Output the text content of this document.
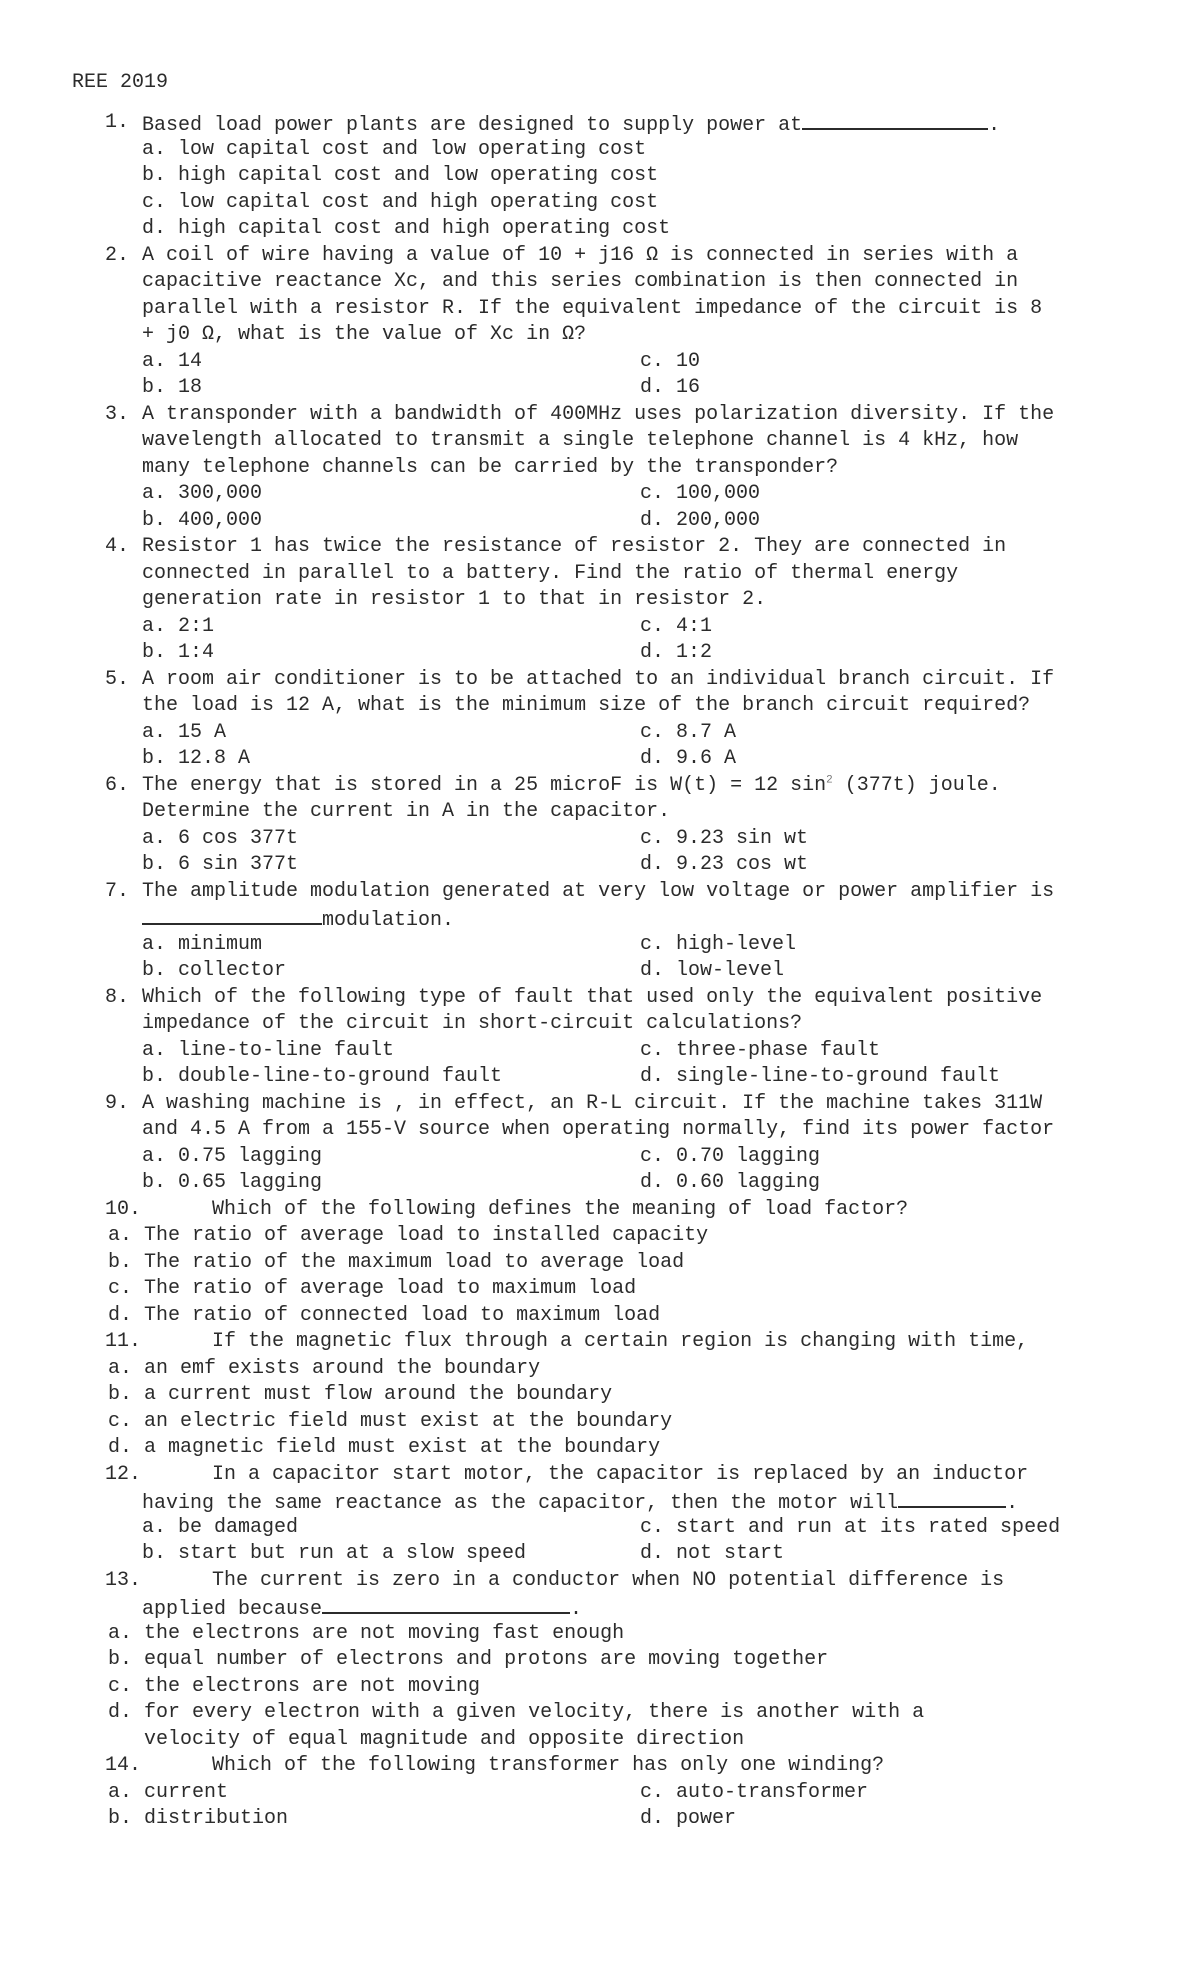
REE 2019
1. Based load power plants are designed to supply power at	.
a. low capital cost and low operating cost
b. high capital cost and low operating cost
c. low capital cost and high operating cost
d. high capital cost and high operating cost
2. A coil of wire having a value of 10 + j16 Ω is connected in series with a
capacitive reactance Xc, and this series combination is then connected in
parallel with a resistor R. If the equivalent impedance of the circuit is 8
+ j0 Ω, what is the value of Xc in Ω?
a. 14	c. 10
b. 18	d. 16
3. A transponder with a bandwidth of 400MHz uses polarization diversity. If the
wavelength allocated to transmit a single telephone channel is 4 kHz, how
many telephone channels can be carried by the transponder?
a. 300,000	c. 100,000
b. 400,000	d. 200,000
4. Resistor 1 has twice the resistance of resistor 2. They are connected in
connected in parallel to a battery. Find the ratio of thermal energy
generation rate in resistor 1 to that in resistor 2.
a. 2:1	c. 4:1
b. 1:4	d. 1:2
5. A room air conditioner is to be attached to an individual branch circuit. If
the load is 12 A, what is the minimum size of the branch circuit required?
a. 15 A	c. 8.7 A
b. 12.8 A	d. 9.6 A
6. The energy that is stored in a 25 microF is W(t) = 12 $\sin^2 (377t)$ joule.
Determine the current in A in the capacitor.
a. 6 cos 377t	c. 9.23 sin wt
b. 6 sin 377t	d. 9.23 cos wt
7. The amplitude modulation generated at very low voltage or power amplifier is
modulation.
a. minimum	c. high-level
b. collector	d. low-level
8. Which of the following type of fault that used only the equivalent positive
impedance of the circuit in short-circuit calculations?
a. line-to-line fault	c. three-phase fault
b. double-line-to-ground fault	d. single-line-to-ground fault
9. A washing machine is , in effect, an R-L circuit. If the machine takes 311W
and 4.5 A from a 155-V source when operating normally, find its power factor
a. 0.75 lagging	c. 0.70 lagging
b. 0.65 lagging	d. 0.60 lagging
10.	Which of the following defines the meaning of load factor?
a. The ratio of average load to installed capacity
b. The ratio of the maximum load to average load
c. The ratio of average load to maximum load
d. The ratio of connected load to maximum load
11.	If the magnetic flux through a certain region is changing with time,
a. an emf exists around the boundary
b. a current must flow around the boundary
c. an electric field must exist at the boundary
d. a magnetic field must exist at the boundary
12.	In a capacitor start motor, the capacitor is replaced by an inductor
having the same reactance as the capacitor, then the motor will	.
a. be damaged	c. start and run at its rated speed
b. start but run at a slow speed	d. not start
13.	The current is zero in a conductor when NO potential difference is
applied because	.
a. the electrons are not moving fast enough
b. equal number of electrons and protons are moving together
c. the electrons are not moving
d. for every electron with a given velocity, there is another with a
velocity of equal magnitude and opposite direction
14.	Which of the following transformer has only one winding?
a. current	c. auto-transformer
b. distribution	d. power
